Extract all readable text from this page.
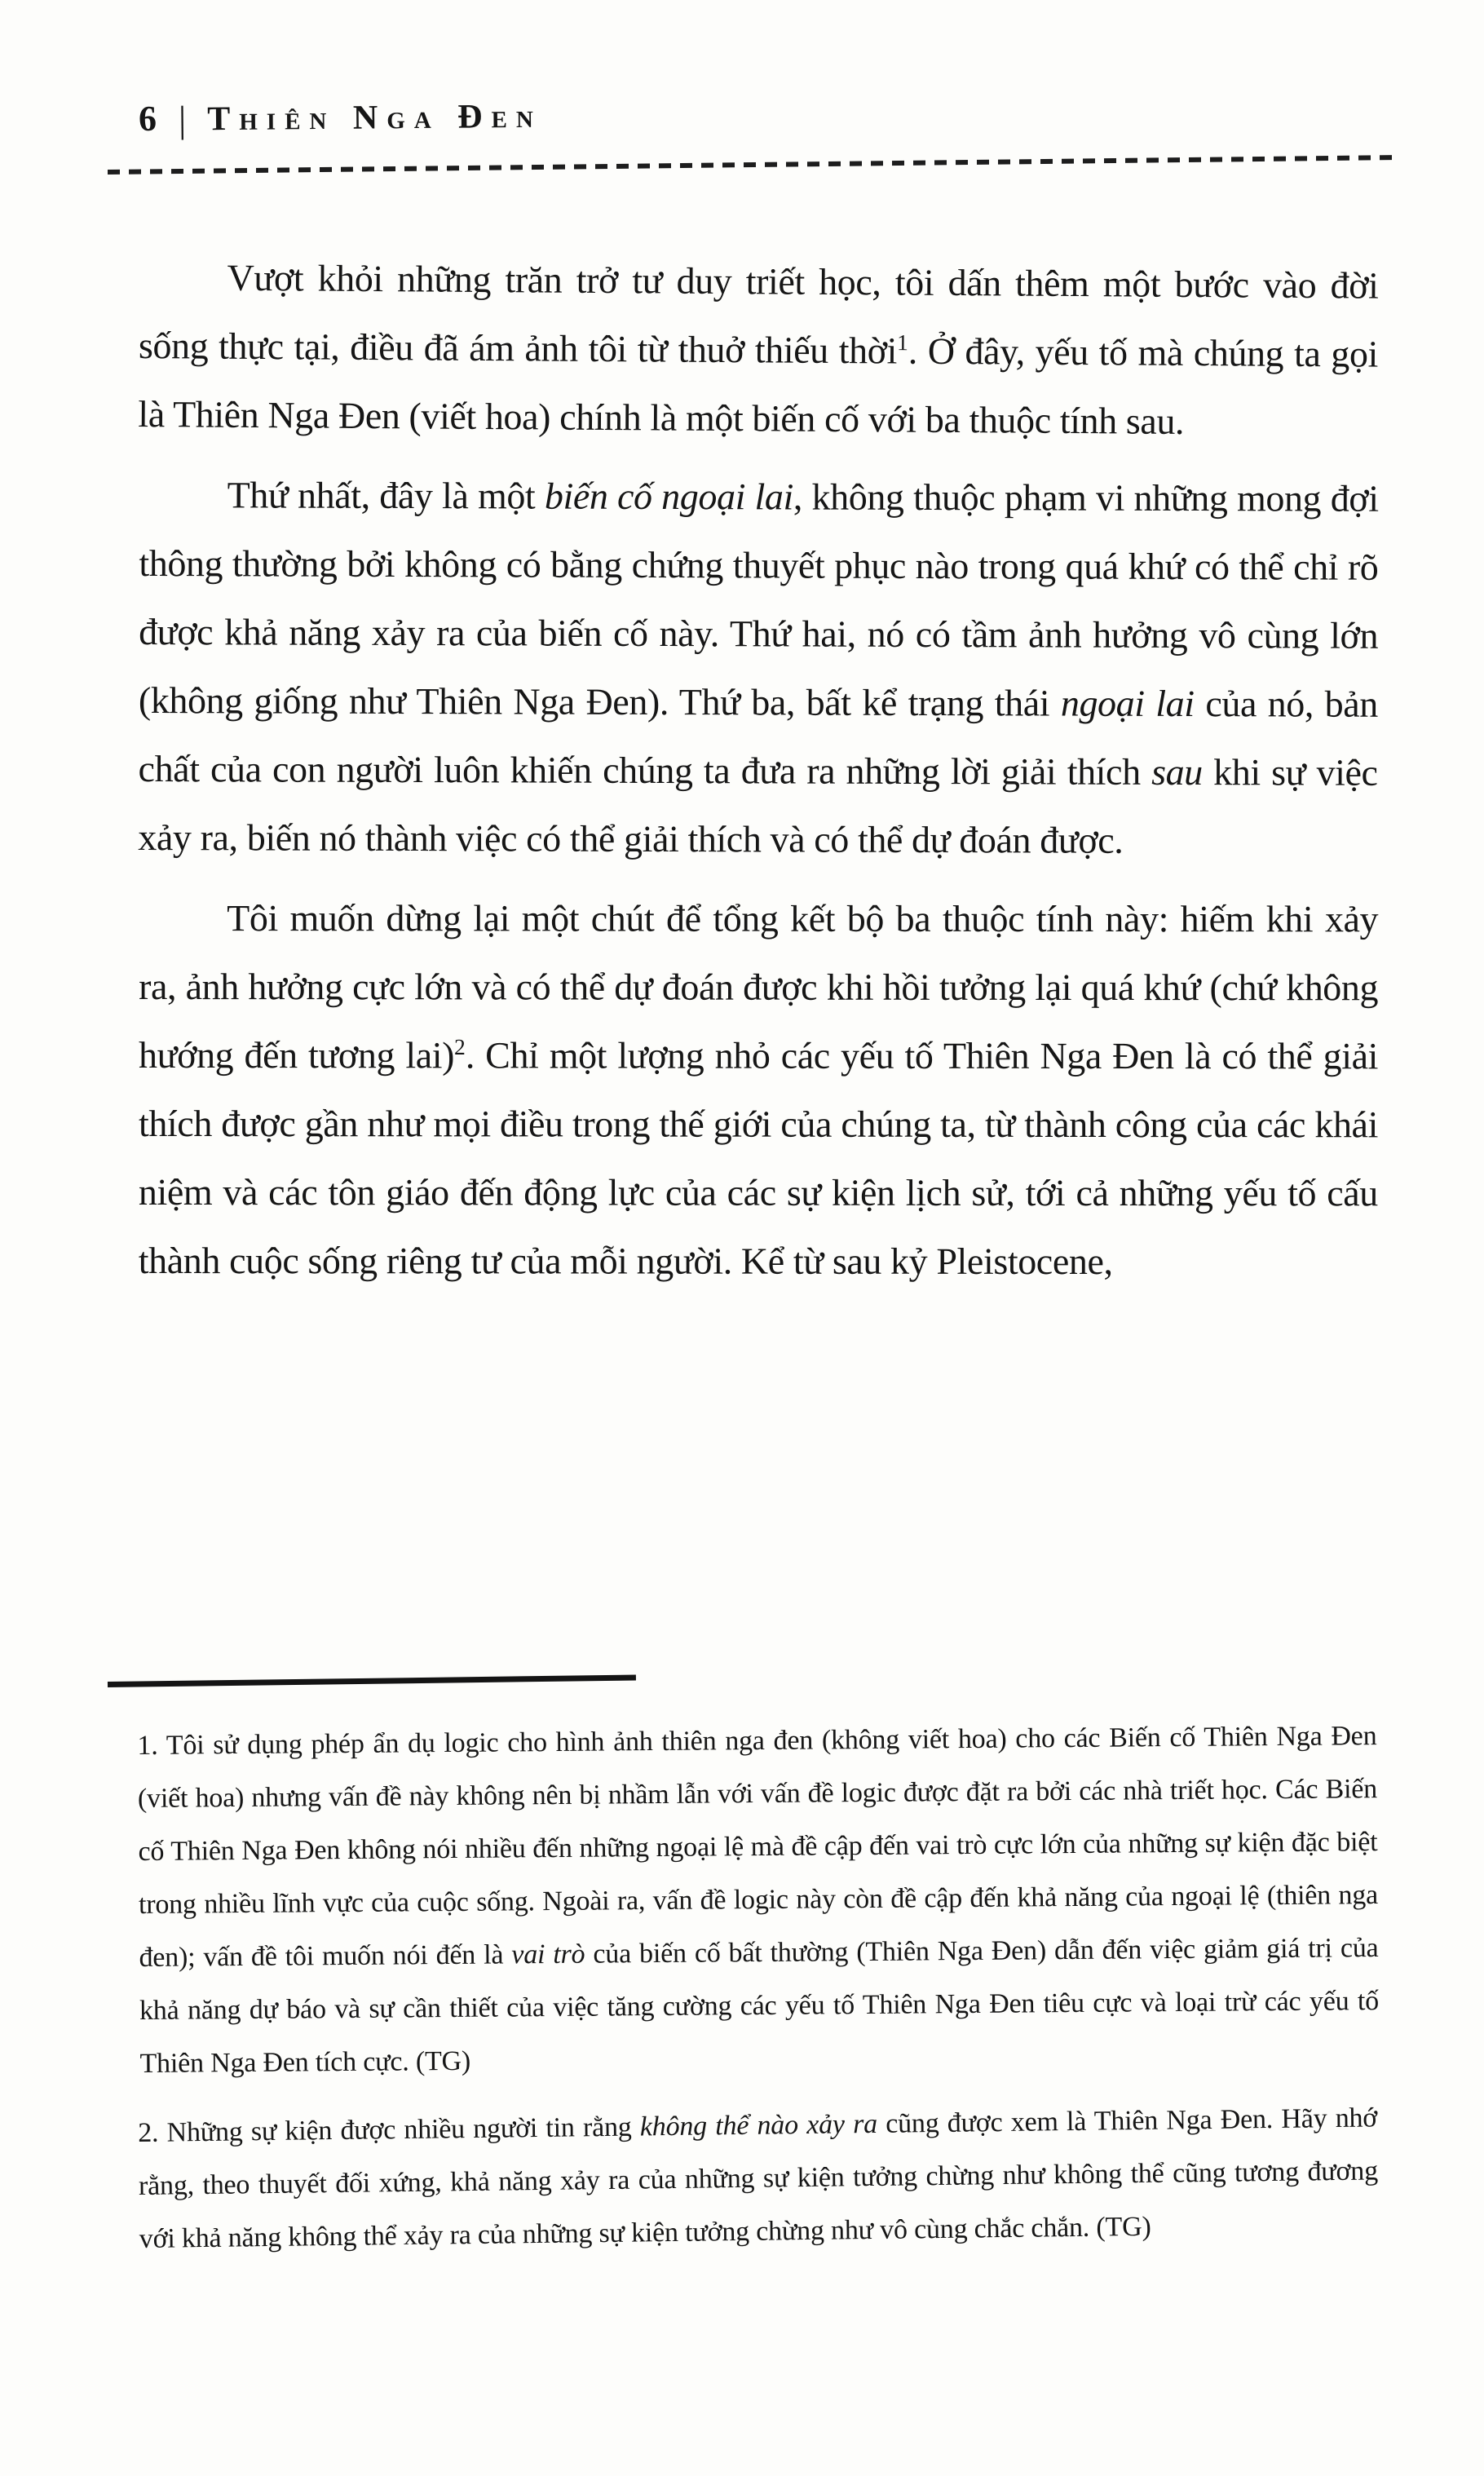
6 | Thiên Nga Đen

Vượt khỏi những trăn trở tư duy triết học, tôi dấn thêm một bước vào đời sống thực tại, điều đã ám ảnh tôi từ thuở thiếu thời$^1$. Ở đây, yếu tố mà chúng ta gọi là Thiên Nga Đen (viết hoa) chính là một biến cố với ba thuộc tính sau.

Thứ nhất, đây là một biến cố ngoại lai, không thuộc phạm vi những mong đợi thông thường bởi không có bằng chứng thuyết phục nào trong quá khứ có thể chỉ rõ được khả năng xảy ra của biến cố này. Thứ hai, nó có tầm ảnh hưởng vô cùng lớn (không giống như Thiên Nga Đen). Thứ ba, bất kể trạng thái ngoại lai của nó, bản chất của con người luôn khiến chúng ta đưa ra những lời giải thích sau khi sự việc xảy ra, biến nó thành việc có thể giải thích và có thể dự đoán được.

Tôi muốn dừng lại một chút để tổng kết bộ ba thuộc tính này: hiếm khi xảy ra, ảnh hưởng cực lớn và có thể dự đoán được khi hồi tưởng lại quá khứ (chứ không hướng đến tương lai)$^2$. Chỉ một lượng nhỏ các yếu tố Thiên Nga Đen là có thể giải thích được gần như mọi điều trong thế giới của chúng ta, từ thành công của các khái niệm và các tôn giáo đến động lực của các sự kiện lịch sử, tới cả những yếu tố cấu thành cuộc sống riêng tư của mỗi người. Kể từ sau kỷ Pleistocene,

1. Tôi sử dụng phép ẩn dụ logic cho hình ảnh thiên nga đen (không viết hoa) cho các Biến cố Thiên Nga Đen (viết hoa) nhưng vấn đề này không nên bị nhầm lẫn với vấn đề logic được đặt ra bởi các nhà triết học. Các Biến cố Thiên Nga Đen không nói nhiều đến những ngoại lệ mà đề cập đến vai trò cực lớn của những sự kiện đặc biệt trong nhiều lĩnh vực của cuộc sống. Ngoài ra, vấn đề logic này còn đề cập đến khả năng của ngoại lệ (thiên nga đen); vấn đề tôi muốn nói đến là vai trò của biến cố bất thường (Thiên Nga Đen) dẫn đến việc giảm giá trị của khả năng dự báo và sự cần thiết của việc tăng cường các yếu tố Thiên Nga Đen tiêu cực và loại trừ các yếu tố Thiên Nga Đen tích cực. (TG)

2. Những sự kiện được nhiều người tin rằng không thể nào xảy ra cũng được xem là Thiên Nga Đen. Hãy nhớ rằng, theo thuyết đối xứng, khả năng xảy ra của những sự kiện tưởng chừng như không thể cũng tương đương với khả năng không thể xảy ra của những sự kiện tưởng chừng như vô cùng chắc chắn. (TG)
